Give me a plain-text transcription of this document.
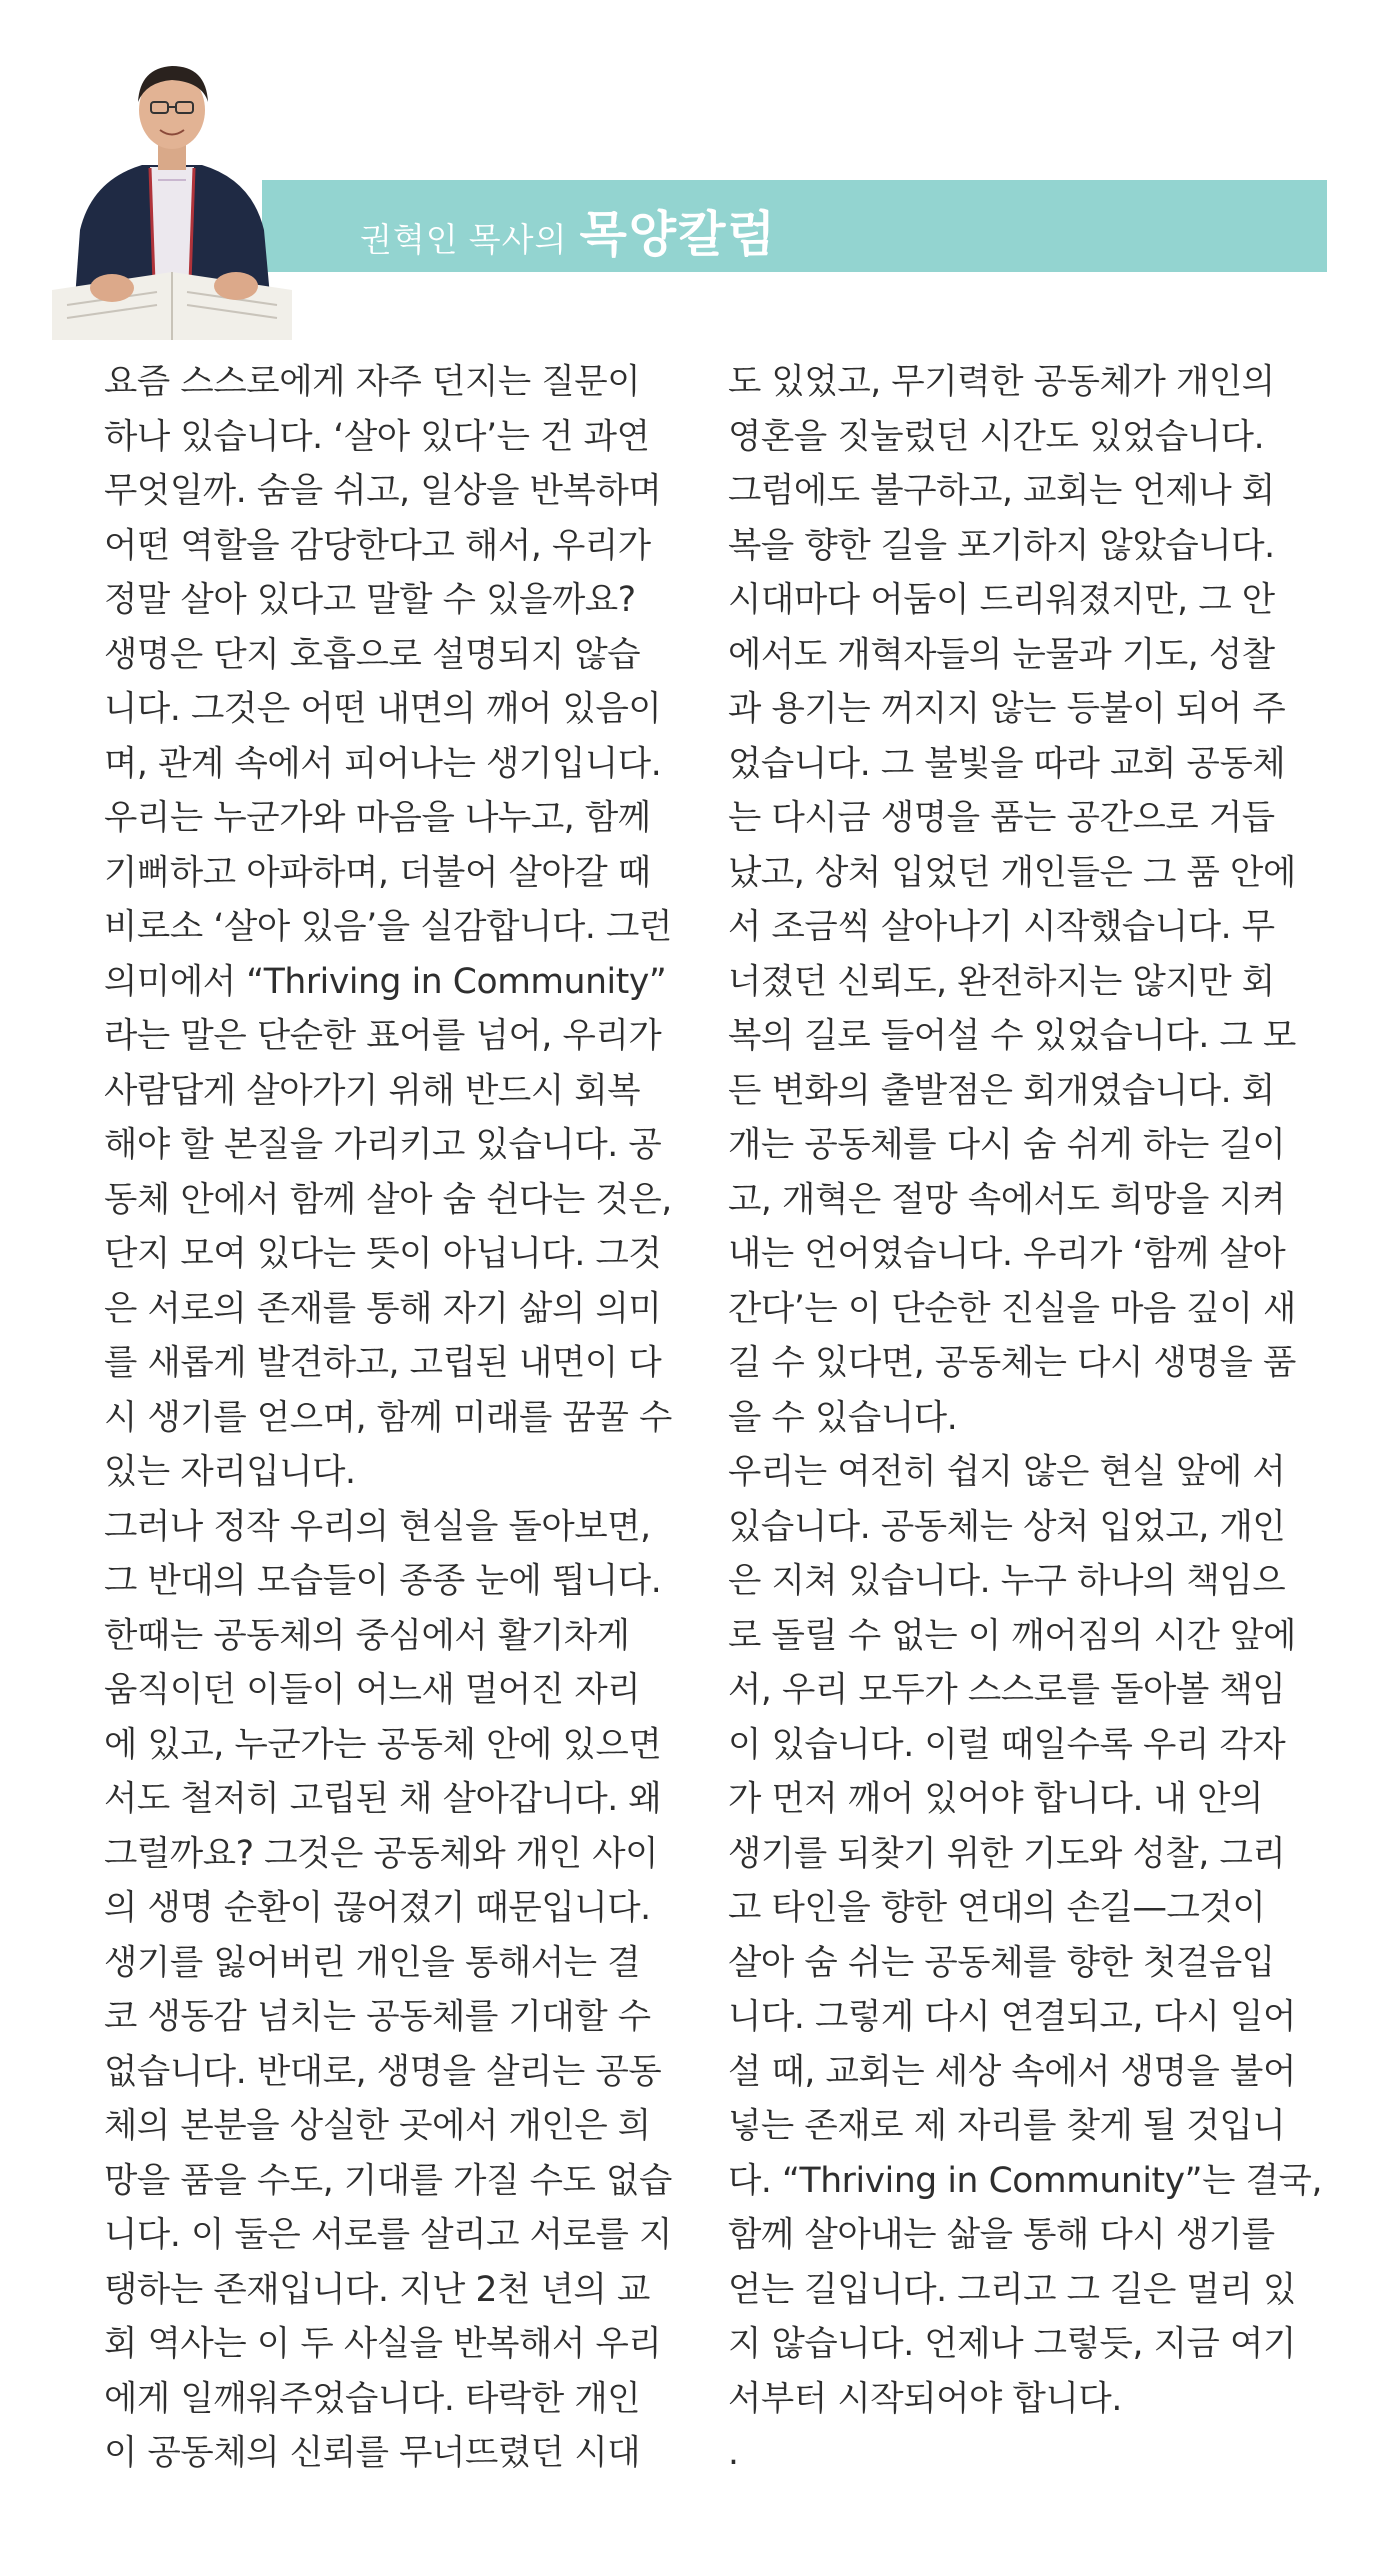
권혁인 목사의 목양칼럼
요즘 스스로에게 자주 던지는 질문이
하나 있습니다. ‘살아 있다’는 건 과연
무엇일까. 숨을 쉬고, 일상을 반복하며
어떤 역할을 감당한다고 해서, 우리가
정말 살아 있다고 말할 수 있을까요?
생명은 단지 호흡으로 설명되지 않습
니다. 그것은 어떤 내면의 깨어 있음이
며, 관계 속에서 피어나는 생기입니다.
우리는 누군가와 마음을 나누고, 함께
기뻐하고 아파하며, 더불어 살아갈 때
비로소 ‘살아 있음’을 실감합니다. 그런
의미에서 “Thriving in Community”
라는 말은 단순한 표어를 넘어, 우리가
사람답게 살아가기 위해 반드시 회복
해야 할 본질을 가리키고 있습니다. 공
동체 안에서 함께 살아 숨 쉰다는 것은,
단지 모여 있다는 뜻이 아닙니다. 그것
은 서로의 존재를 통해 자기 삶의 의미
를 새롭게 발견하고, 고립된 내면이 다
시 생기를 얻으며, 함께 미래를 꿈꿀 수
있는 자리입니다.
그러나 정작 우리의 현실을 돌아보면,
그 반대의 모습들이 종종 눈에 띕니다.
한때는 공동체의 중심에서 활기차게
움직이던 이들이 어느새 멀어진 자리
에 있고, 누군가는 공동체 안에 있으면
서도 철저히 고립된 채 살아갑니다. 왜
그럴까요? 그것은 공동체와 개인 사이
의 생명 순환이 끊어졌기 때문입니다.
생기를 잃어버린 개인을 통해서는 결
코 생동감 넘치는 공동체를 기대할 수
없습니다. 반대로, 생명을 살리는 공동
체의 본분을 상실한 곳에서 개인은 희
망을 품을 수도, 기대를 가질 수도 없습
니다. 이 둘은 서로를 살리고 서로를 지
탱하는 존재입니다. 지난 2천 년의 교
회 역사는 이 두 사실을 반복해서 우리
에게 일깨워주었습니다. 타락한 개인
이 공동체의 신뢰를 무너뜨렸던 시대
도 있었고, 무기력한 공동체가 개인의
영혼을 짓눌렀던 시간도 있었습니다.
그럼에도 불구하고, 교회는 언제나 회
복을 향한 길을 포기하지 않았습니다.
시대마다 어둠이 드리워졌지만, 그 안
에서도 개혁자들의 눈물과 기도, 성찰
과 용기는 꺼지지 않는 등불이 되어 주
었습니다. 그 불빛을 따라 교회 공동체
는 다시금 생명을 품는 공간으로 거듭
났고, 상처 입었던 개인들은 그 품 안에
서 조금씩 살아나기 시작했습니다. 무
너졌던 신뢰도, 완전하지는 않지만 회
복의 길로 들어설 수 있었습니다. 그 모
든 변화의 출발점은 회개였습니다. 회
개는 공동체를 다시 숨 쉬게 하는 길이
고, 개혁은 절망 속에서도 희망을 지켜
내는 언어였습니다. 우리가 ‘함께 살아
간다’는 이 단순한 진실을 마음 깊이 새
길 수 있다면, 공동체는 다시 생명을 품
을 수 있습니다.
우리는 여전히 쉽지 않은 현실 앞에 서
있습니다. 공동체는 상처 입었고, 개인
은 지쳐 있습니다. 누구 하나의 책임으
로 돌릴 수 없는 이 깨어짐의 시간 앞에
서, 우리 모두가 스스로를 돌아볼 책임
이 있습니다. 이럴 때일수록 우리 각자
가 먼저 깨어 있어야 합니다. 내 안의
생기를 되찾기 위한 기도와 성찰, 그리
고 타인을 향한 연대의 손길—그것이
살아 숨 쉬는 공동체를 향한 첫걸음입
니다. 그렇게 다시 연결되고, 다시 일어
설 때, 교회는 세상 속에서 생명을 불어
넣는 존재로 제 자리를 찾게 될 것입니
다. “Thriving in Community”는 결국,
함께 살아내는 삶을 통해 다시 생기를
얻는 길입니다. 그리고 그 길은 멀리 있
지 않습니다. 언제나 그렇듯, 지금 여기
서부터 시작되어야 합니다.
.
